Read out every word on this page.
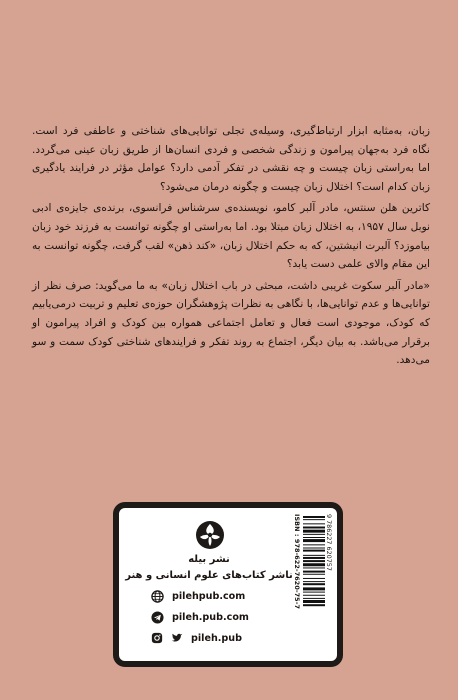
زبان، به‌مثابه ابزار ارتباط‌گیری، وسیله‌ی تجلی توانایی‌های شناختی و عاطفی فرد است. نگاه فرد به‌جهان پیرامون و زندگی شخصی و فردی انسان‌ها از طریق زبان عینی می‌گردد. اما به‌راستی زبان چیست و چه نقشی در تفکر آدمی دارد؟ عوامل مؤثر در فرایند یادگیری زبان کدام است؟ اختلال زبان چیست و چگونه درمان می‌شود؟

کاترین هلن سنتس، مادر آلبر کامو، نویسنده‌ی سرشناس فرانسوی، برنده‌ی جایزه‌ی ادبی نوبل سال ۱۹۵۷، به اختلال زبان مبتلا بود. اما به‌راستی او چگونه توانست به فرزند خود زبان بیاموزد؟ آلبرت انیشتین، که به حکم اختلال زبان، «کند ذهن» لقب گرفت، چگونه توانست به این مقام والای علمی دست یابد؟

«مادر آلبر سکوت غریبی داشت، مبحثی در باب اختلال زبان» به ما می‌گوید: صرف نظر از توانایی‌ها و عدم توانایی‌ها، با نگاهی به نظرات پژوهشگران حوزه‌ی تعلیم و تربیت درمی‌یابیم که کودک، موجودی است فعال و تعامل اجتماعی همواره بین کودک و افراد پیرامون او برقرار می‌باشد. به بیان دیگر، اجتماع به روند تفکر و فرایندهای شناختی کودک سمت و سو می‌دهد.

نشر بیله
ناشر کتاب‌های علوم انسانی و هنر
pilehpub.com
pileh.pub.com
pileh.pub
ISBN : 978-622-7620-75-7	9 786227 620757
